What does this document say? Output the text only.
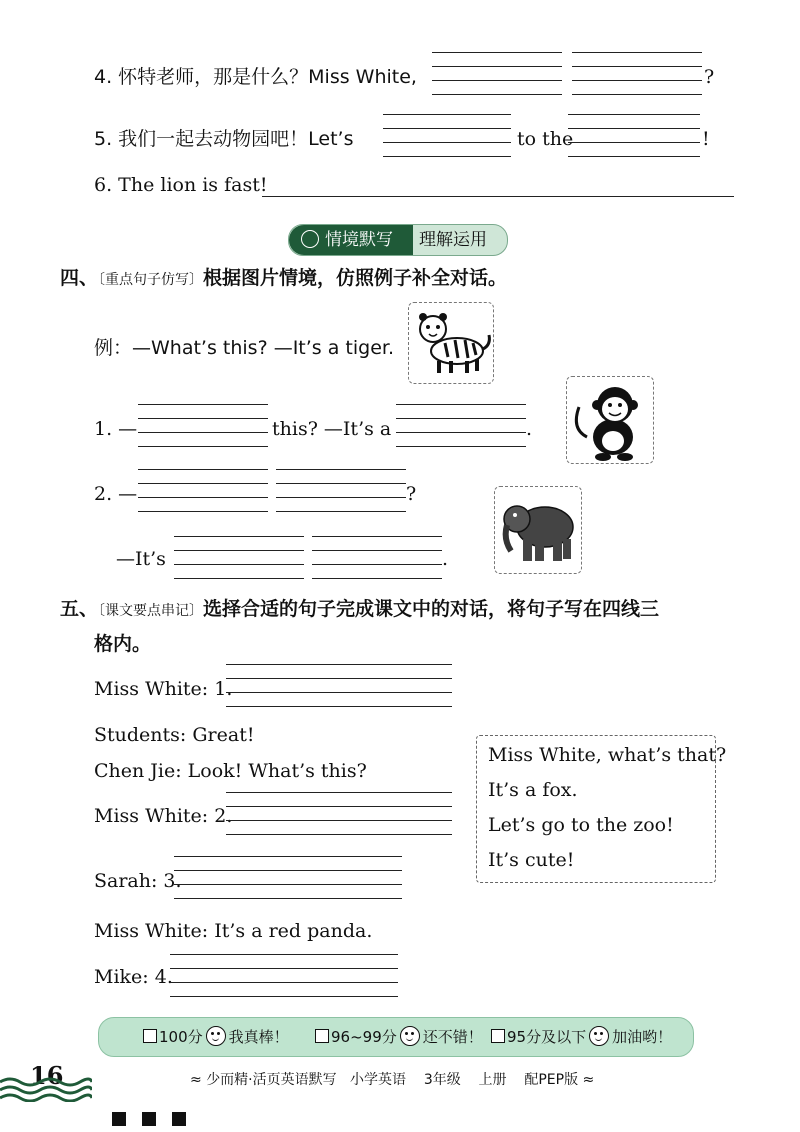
4. 怀特老师，那是什么？Miss White,	?
5. 我们一起去动物园吧！Let’s	to the	!
6. The lion is fast!
情境默写	理解运用
四、〔重点句子仿写〕根据图片情境，仿照例子补全对话。
例：—What’s this? —It’s a tiger.
1. —	this? —It’s a	.
2. —	?
—It’s	.
五、〔课文要点串记〕选择合适的句子完成课文中的对话，将句子写在四线三
格内。
Miss White: 1.
Students: Great!
Chen Jie: Look! What’s this?
Miss White: 2.
Sarah: 3.
Miss White: It’s a red panda.
Mike: 4.
Miss White, what’s that?
It’s a fox.
Let’s go to the zoo!
It’s cute!
100分 我真棒！	96~99分 还不错！	95分及以下 加油哟！
16	≈ 少而精·活页英语默写 小学英语 3年级 上册 配PEP版 ≈
